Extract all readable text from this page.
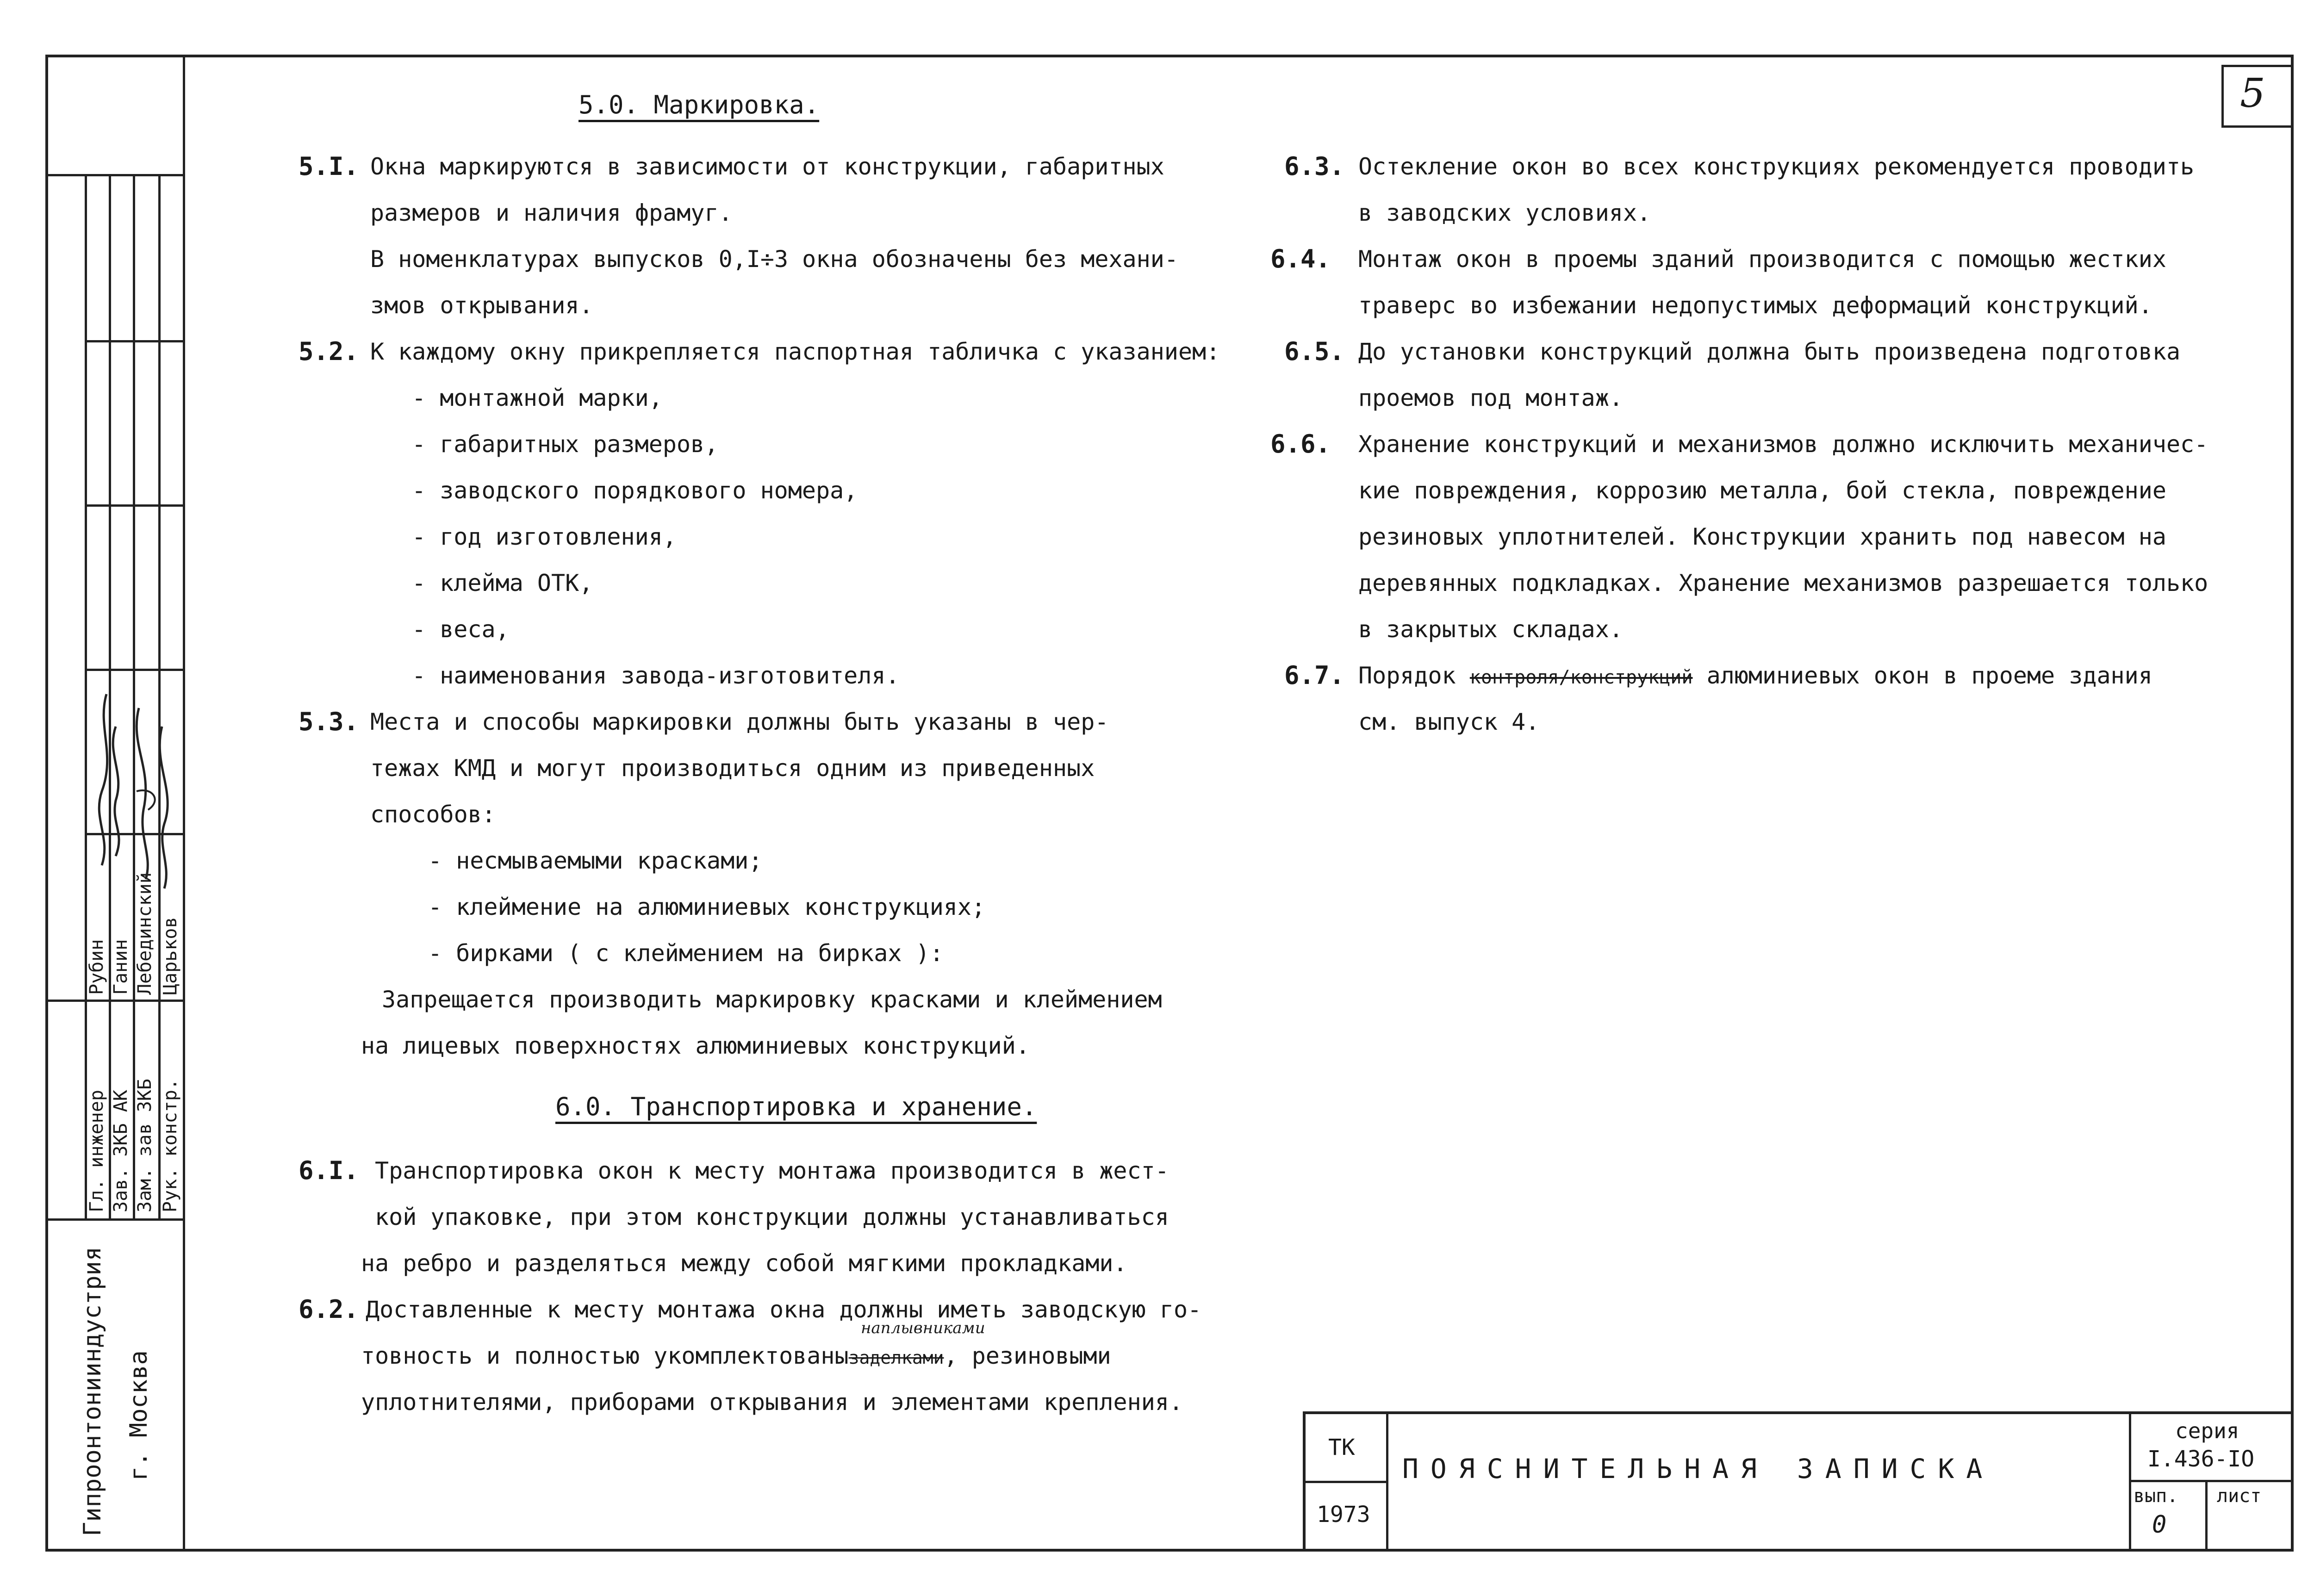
Гл. инженер Зав. ЗКБ АК Зам. зав ЗКБ Рук. констр.
Рубин Ганин Лебединский Царьков
Гипроонтонииндустрия г. Москва
5
5.0. Маркировка.
5.I. Окна маркируются в зависимости от конструкции, габаритных
размеров и наличия фрамуг.
В номенклатурах выпусков 0,I÷3 окна обозначены без механи-
змов открывания.
5.2. К каждому окну прикрепляется паспортная табличка с указанием:
- монтажной марки,
- габаритных размеров,
- заводского порядкового номера,
- год изготовления,
- клейма ОТК,
- веса,
- наименования завода-изготовителя.
5.3. Места и способы маркировки должны быть указаны в чер-
тежах КМД и могут производиться одним из приведенных
способов:
- несмываемыми красками;
- клеймение на алюминиевых конструкциях;
- бирками ( с клеймением на бирках ):
Запрещается производить маркировку красками и клеймением
на лицевых поверхностях алюминиевых конструкций.
6.0. Транспортировка и хранение.
6.I. Транспортировка окон к месту монтажа производится в жест-
кой упаковке, при этом конструкции должны устанавливаться
на ребро и разделяться между собой мягкими прокладками.
6.2. Доставленные к месту монтажа окна должны иметь заводскую го-
наплывниками
товность и полностью укомплектованызаделками, резиновыми
уплотнителями, приборами открывания и элементами крепления.
6.3. Остекление окон во всех конструкциях рекомендуется проводить
в заводских условиях.
6.4. Монтаж окон в проемы зданий производится с помощью жестких
траверс во избежании недопустимых деформаций конструкций.
6.5. До установки конструкций должна быть произведена подготовка
проемов под монтаж.
6.6. Хранение конструкций и механизмов должно исключить механичес-
кие повреждения, коррозию металла, бой стекла, повреждение
резиновых уплотнителей. Конструкции хранить под навесом на
деревянных подкладках. Хранение механизмов разрешается только
в закрытых складах.
6.7. Порядок контроля/конструкций алюминиевых окон в проеме здания
см. выпуск 4.
ТК
1973
ПОЯСНИТЕЛЬНАЯ ЗАПИСКА
серия
I.436-IO
вып.
0
лист
